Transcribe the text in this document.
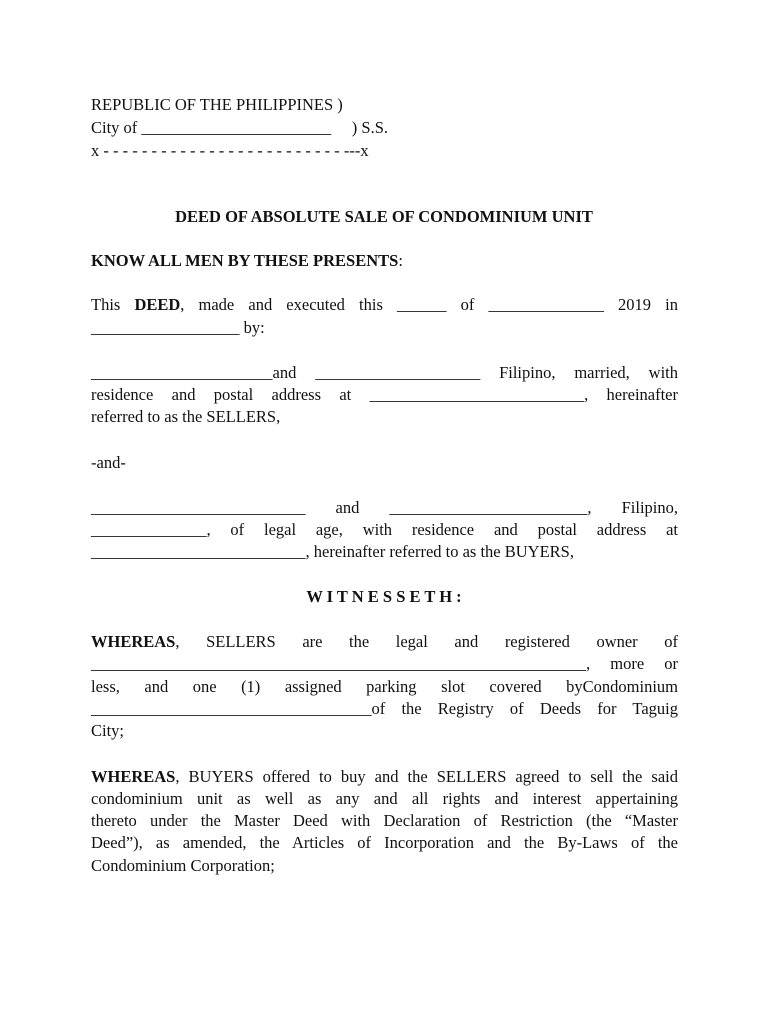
REPUBLIC OF THE PHILIPPINES )
City of _______________________     ) S.S.
x - - - - - - - - - - - - - - - - - - - - - - - - - ---x
DEED OF ABSOLUTE SALE OF CONDOMINIUM UNIT
KNOW ALL MEN BY THESE PRESENTS:
This DEED, made and executed this ______ of ______________ 2019 in
__________________ by:
______________________and ____________________ Filipino, married, with
residence and postal address at __________________________, hereinafter
referred to as the SELLERS,
-and-
__________________________ and ________________________, Filipino,
______________, of legal age, with residence and postal address at
__________________________, hereinafter referred to as the BUYERS,
W I T N E S S E T H :
WHEREAS, SELLERS are the legal and registered owner of
____________________________________________________________, more or
less, and one (1) assigned parking slot covered byCondominium
__________________________________of the Registry of Deeds for Taguig
City;
WHEREAS, BUYERS offered to buy and the SELLERS agreed to sell the said
condominium unit as well as any and all rights and interest appertaining
thereto under the Master Deed with Declaration of Restriction (the “Master
Deed”), as amended, the Articles of Incorporation and the By-Laws of the
Condominium Corporation;
